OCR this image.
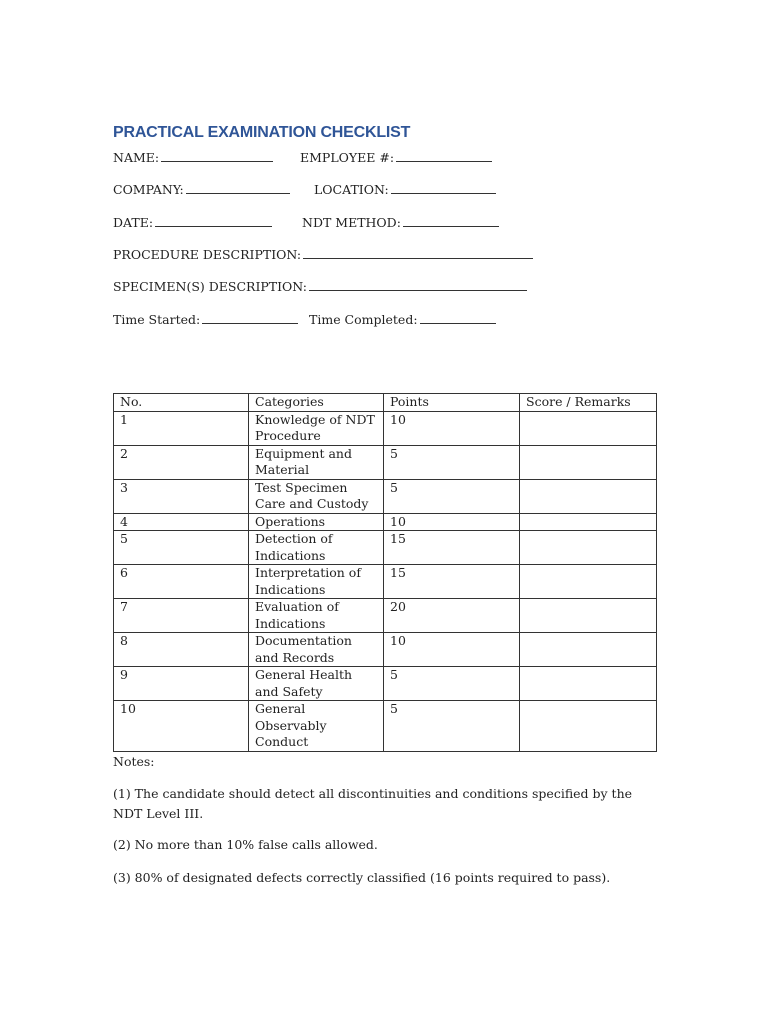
PRACTICAL EXAMINATION CHECKLIST
NAME:	EMPLOYEE #:
COMPANY:	LOCATION:
DATE:	NDT METHOD:
PROCEDURE DESCRIPTION:
SPECIMEN(S) DESCRIPTION:
Time Started:	Time Completed:
No.	Categories	Points	Score / Remarks
1	Knowledge of NDT Procedure	10	
2	Equipment and Material	5	
3	Test Specimen Care and Custody	5	
4	Operations	10	
5	Detection of Indications	15	
6	Interpretation of Indications	15	
7	Evaluation of Indications	20	
8	Documentation and Records	10	
9	General Health and Safety	5	
10	General Observably Conduct	5	
Notes:
(1) The candidate should detect all discontinuities and conditions specified by the NDT Level III.
(2) No more than 10% false calls allowed.
(3) 80% of designated defects correctly classified (16 points required to pass).
